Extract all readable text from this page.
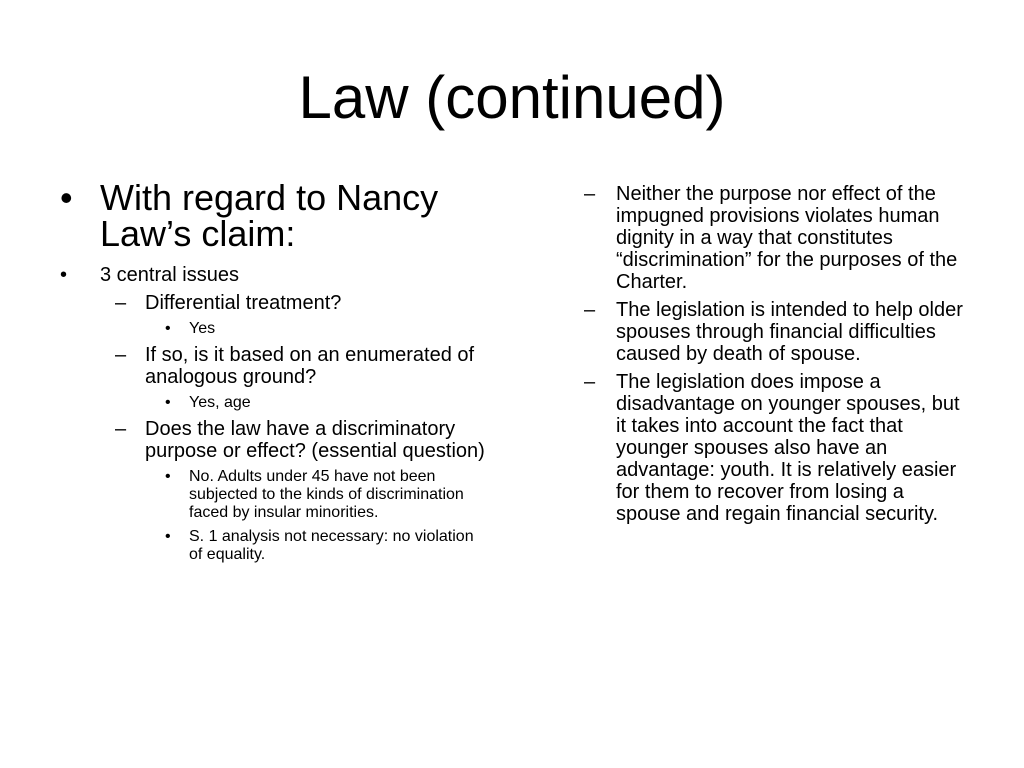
Law (continued)
• With regard to Nancy Law’s claim:
• 3 central issues
– Differential treatment?
• Yes
– If so, is it based on an enumerated of analogous ground?
• Yes, age
– Does the law have a discriminatory purpose or effect? (essential question)
• No. Adults under 45 have not been subjected to the kinds of discrimination faced by insular minorities.
• S. 1 analysis not necessary: no violation of equality.
– Neither the purpose nor effect of the impugned provisions violates human dignity in a way that constitutes “discrimination” for the purposes of the Charter.
– The legislation is intended to help older spouses through financial difficulties caused by death of spouse.
– The legislation does impose a disadvantage on younger spouses, but it takes into account the fact that younger spouses also have an advantage: youth. It is relatively easier for them to recover from losing a spouse and regain financial security.
